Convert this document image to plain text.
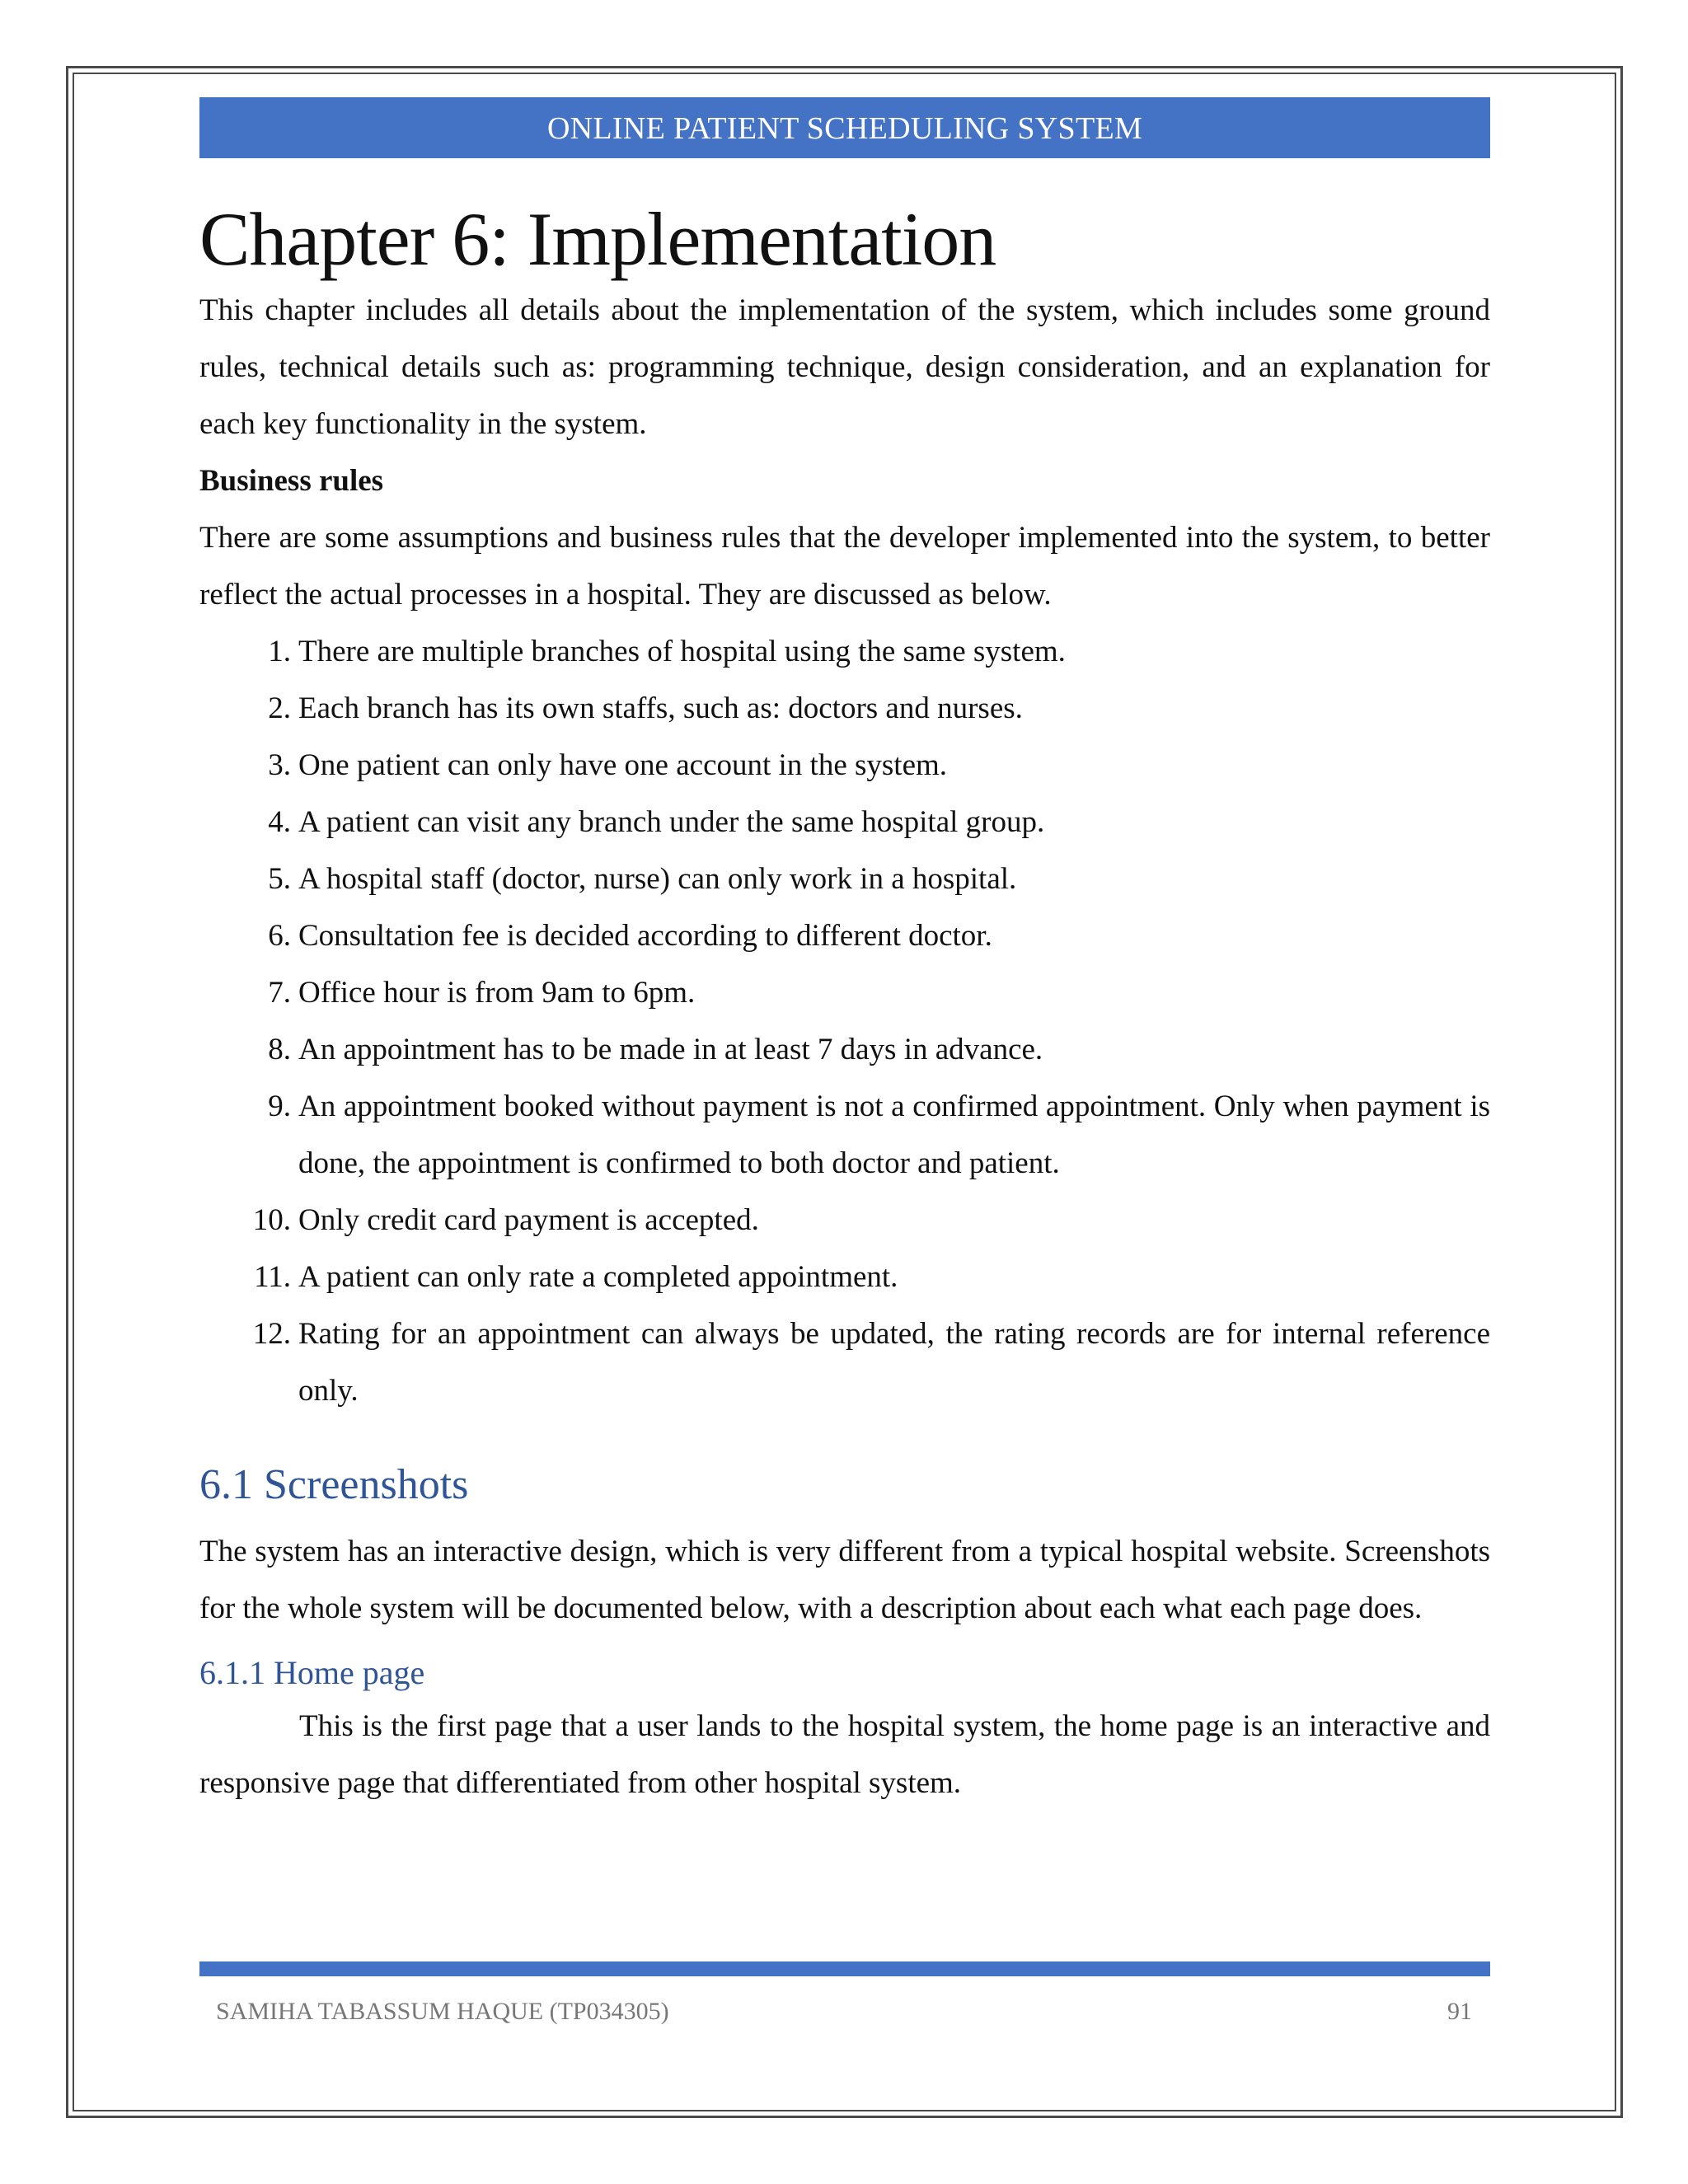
ONLINE PATIENT SCHEDULING SYSTEM
Chapter 6: Implementation

This chapter includes all details about the implementation of the system, which includes some ground rules, technical details such as: programming technique, design consideration, and an explanation for each key functionality in the system.

Business rules

There are some assumptions and business rules that the developer implemented into the system, to better reflect the actual processes in a hospital. They are discussed as below.

1. There are multiple branches of hospital using the same system.
2. Each branch has its own staffs, such as: doctors and nurses.
3. One patient can only have one account in the system.
4. A patient can visit any branch under the same hospital group.
5. A hospital staff (doctor, nurse) can only work in a hospital.
6. Consultation fee is decided according to different doctor.
7. Office hour is from 9am to 6pm.
8. An appointment has to be made in at least 7 days in advance.
9. An appointment booked without payment is not a confirmed appointment. Only when payment is done, the appointment is confirmed to both doctor and patient.
10. Only credit card payment is accepted.
11. A patient can only rate a completed appointment.
12. Rating for an appointment can always be updated, the rating records are for internal reference only.
6.1 Screenshots

The system has an interactive design, which is very different from a typical hospital website. Screenshots for the whole system will be documented below, with a description about each what each page does.

6.1.1 Home page

This is the first page that a user lands to the hospital system, the home page is an interactive and responsive page that differentiated from other hospital system.

SAMIHA TABASSUM HAQUE (TP034305)	91
